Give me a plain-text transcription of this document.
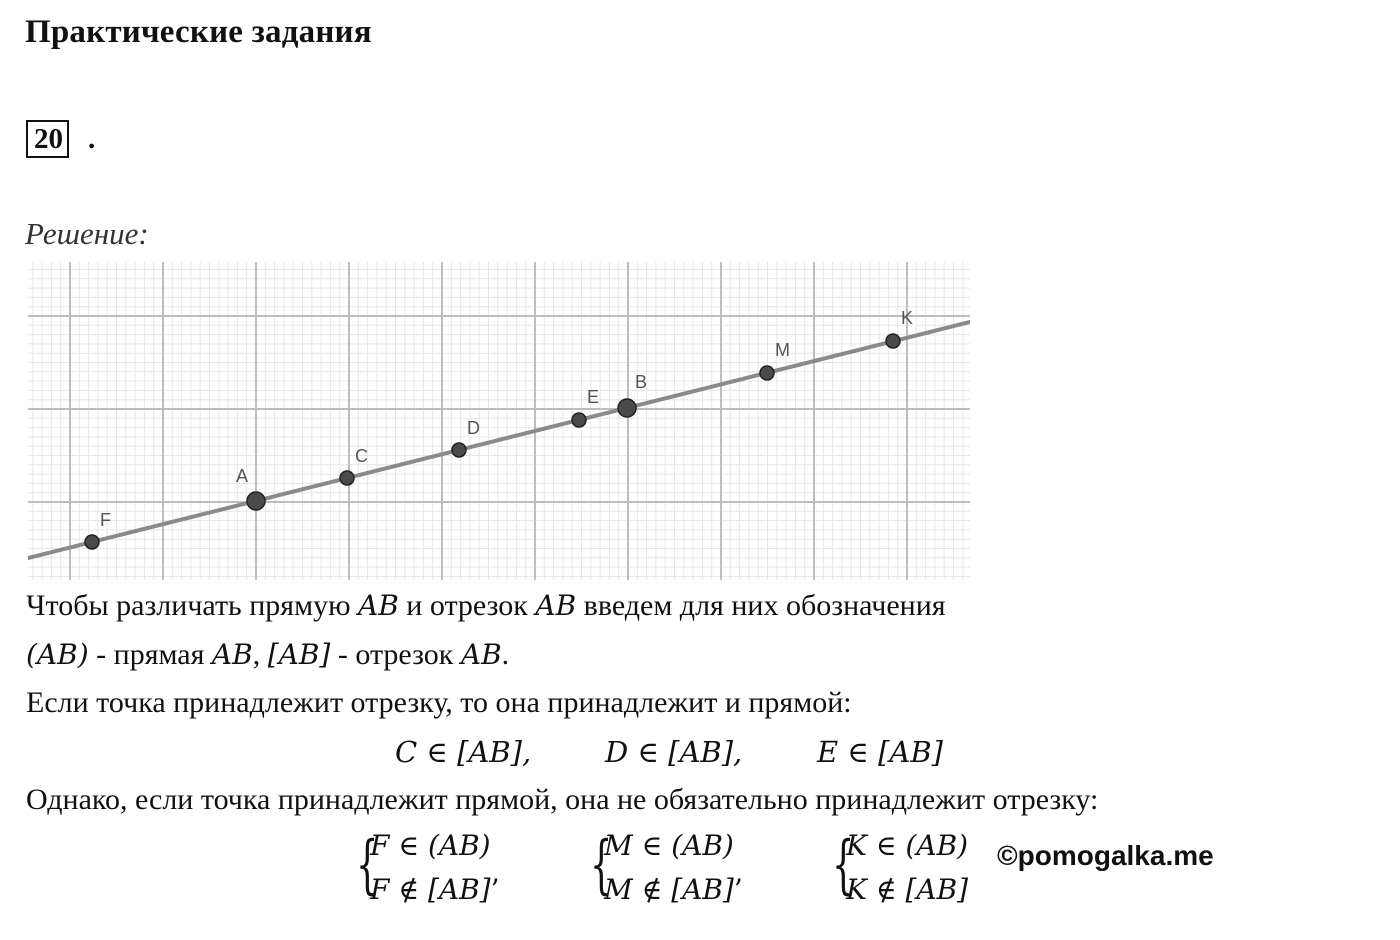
Практические задания
20 .
Решение:
F
A
C
D
E
B
M
K
Чтобы различать прямую AB и отрезок AB введем для них обозначения
(AB) - прямая AB, [AB] - отрезок AB.
Если точка принадлежит отрезку, то она принадлежит и прямой:
C ∈ [AB],	D ∈ [AB],	E ∈ [AB]
Однако, если точка принадлежит прямой, она не обязательно принадлежит отрезку:
{
F ∈ (AB)
F ∉ [AB]’ {
M ∈ (AB)
M ∉ [AB]’ {
K ∈ (AB)
K ∉ [AB]
©pomogalka.me
